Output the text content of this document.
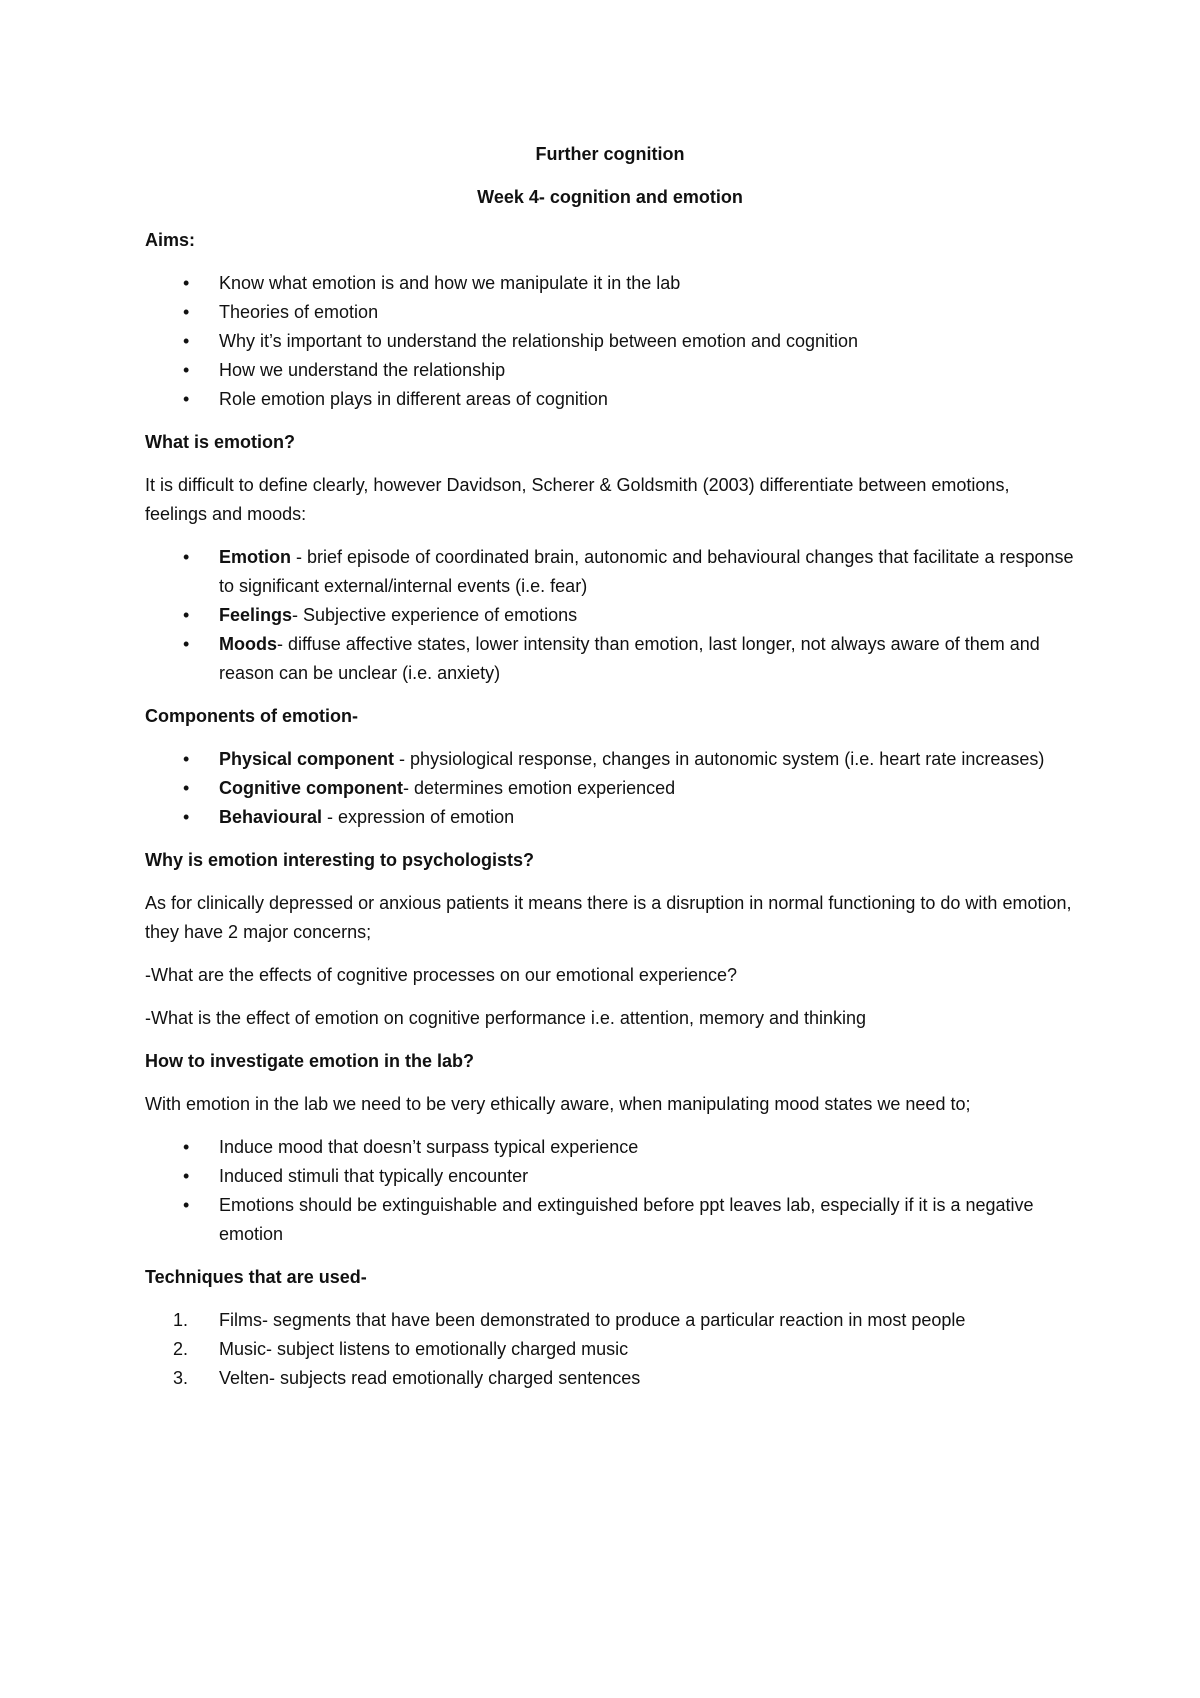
Further cognition

Week 4- cognition and emotion

Aims:

• Know what emotion is and how we manipulate it in the lab
• Theories of emotion
• Why it’s important to understand the relationship between emotion and cognition
• How we understand the relationship
• Role emotion plays in different areas of cognition

What is emotion?

It is difficult to define clearly, however Davidson, Scherer & Goldsmith (2003) differentiate between emotions, feelings and moods:

• Emotion - brief episode of coordinated brain, autonomic and behavioural changes that facilitate a response to significant external/internal events (i.e. fear)
• Feelings- Subjective experience of emotions
• Moods- diffuse affective states, lower intensity than emotion, last longer, not always aware of them and reason can be unclear (i.e. anxiety)

Components of emotion-

• Physical component - physiological response, changes in autonomic system (i.e. heart rate increases)
• Cognitive component- determines emotion experienced
• Behavioural - expression of emotion

Why is emotion interesting to psychologists?

As for clinically depressed or anxious patients it means there is a disruption in normal functioning to do with emotion, they have 2 major concerns;

-What are the effects of cognitive processes on our emotional experience?

-What is the effect of emotion on cognitive performance i.e. attention, memory and thinking

How to investigate emotion in the lab?

With emotion in the lab we need to be very ethically aware, when manipulating mood states we need to;

• Induce mood that doesn’t surpass typical experience
• Induced stimuli that typically encounter
• Emotions should be extinguishable and extinguished before ppt leaves lab, especially if it is a negative emotion

Techniques that are used-

1.	Films- segments that have been demonstrated to produce a particular reaction in most people
2.	Music- subject listens to emotionally charged music
3.	Velten- subjects read emotionally charged sentences
